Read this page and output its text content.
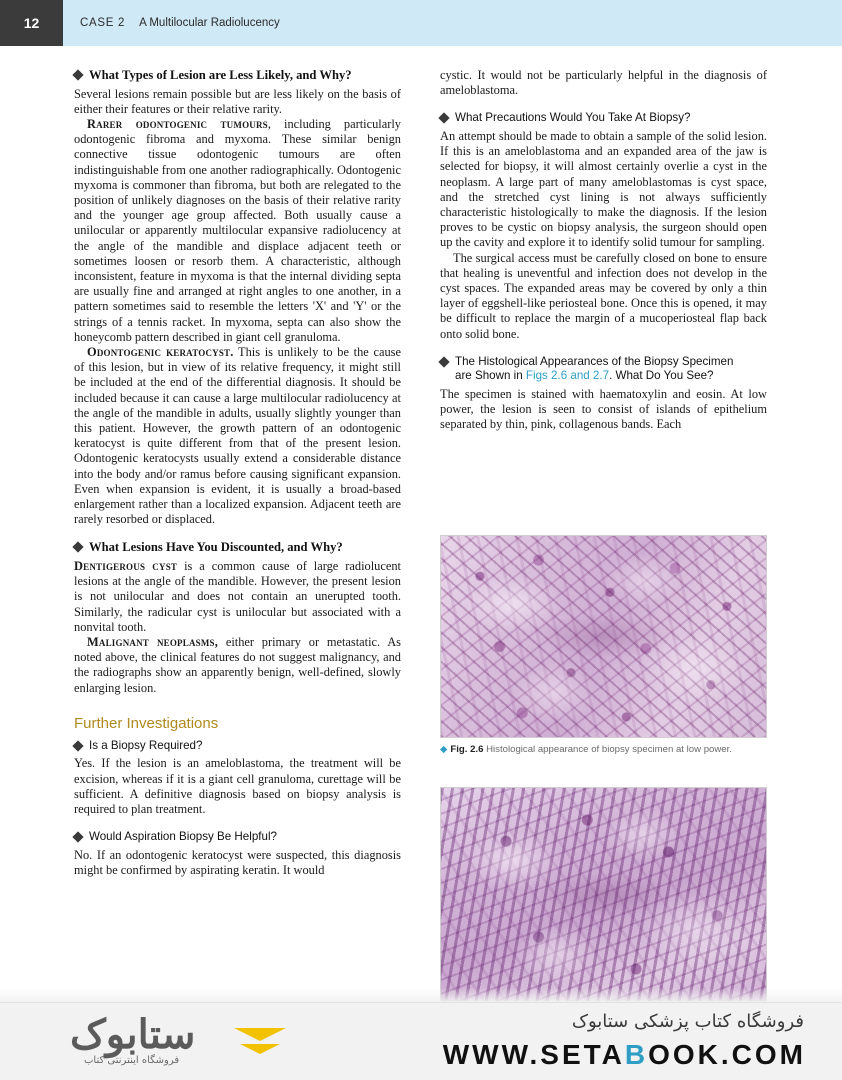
12	CASE 2 A Multilocular Radiolucency
What Types of Lesion are Less Likely, and Why?

Several lesions remain possible but are less likely on the basis of either their features or their relative rarity.

Rarer odontogenic tumours, including particularly odontogenic fibroma and myxoma. These similar benign connective tissue odontogenic tumours are often indistinguishable from one another radiographically. Odontogenic myxoma is commoner than fibroma, but both are relegated to the position of unlikely diagnoses on the basis of their relative rarity and the younger age group affected. Both usually cause a unilocular or apparently multilocular expansive radiolucency at the angle of the mandible and displace adjacent teeth or sometimes loosen or resorb them. A characteristic, although inconsistent, feature in myxoma is that the internal dividing septa are usually fine and arranged at right angles to one another, in a pattern sometimes said to resemble the letters 'X' and 'Y' or the strings of a tennis racket. In myxoma, septa can also show the honeycomb pattern described in giant cell granuloma.

Odontogenic keratocyst. This is unlikely to be the cause of this lesion, but in view of its relative frequency, it might still be included at the end of the differential diagnosis. It should be included because it can cause a large multilocular radiolucency at the angle of the mandible in adults, usually slightly younger than this patient. However, the growth pattern of an odontogenic keratocyst is quite different from that of the present lesion. Odontogenic keratocysts usually extend a considerable distance into the body and/or ramus before causing significant expansion. Even when expansion is evident, it is usually a broad-based enlargement rather than a localized expansion. Adjacent teeth are rarely resorbed or displaced.

What Lesions Have You Discounted, and Why?

Dentigerous cyst is a common cause of large radiolucent lesions at the angle of the mandible. However, the present lesion is not unilocular and does not contain an unerupted tooth. Similarly, the radicular cyst is unilocular but associated with a nonvital tooth.

Malignant neoplasms, either primary or metastatic. As noted above, the clinical features do not suggest malignancy, and the radiographs show an apparently benign, well-defined, slowly enlarging lesion.

Further Investigations
Is a Biopsy Required?

Yes. If the lesion is an ameloblastoma, the treatment will be excision, whereas if it is a giant cell granuloma, curettage will be sufficient. A definitive diagnosis based on biopsy analysis is required to plan treatment.

Would Aspiration Biopsy Be Helpful?

No. If an odontogenic keratocyst were suspected, this diagnosis might be confirmed by aspirating keratin. It would

cystic. It would not be particularly helpful in the diagnosis of ameloblastoma.

What Precautions Would You Take At Biopsy?

An attempt should be made to obtain a sample of the solid lesion. If this is an ameloblastoma and an expanded area of the jaw is selected for biopsy, it will almost certainly overlie a cyst in the neoplasm. A large part of many ameloblastomas is cyst space, and the stretched cyst lining is not always sufficiently characteristic histologically to make the diagnosis. If the lesion proves to be cystic on biopsy analysis, the surgeon should open up the cavity and explore it to identify solid tumour for sampling.

The surgical access must be carefully closed on bone to ensure that healing is uneventful and infection does not develop in the cyst spaces. The expanded areas may be covered by only a thin layer of eggshell-like periosteal bone. Once this is opened, it may be difficult to replace the margin of a mucoperiosteal flap back onto solid bone.

The Histological Appearances of the Biopsy Specimen
are Shown in Figs 2.6 and 2.7. What Do You See?

The specimen is stained with haematoxylin and eosin. At low power, the lesion is seen to consist of islands of epithelium separated by thin, pink, collagenous bands. Each

◆ Fig. 2.6 Histological appearance of biopsy specimen at low power.
ستابوک
فروشگاه اینترنتی کتاب
فروشگاه کتاب پزشکی ستابوک
WWW.SETABOOK.COM
